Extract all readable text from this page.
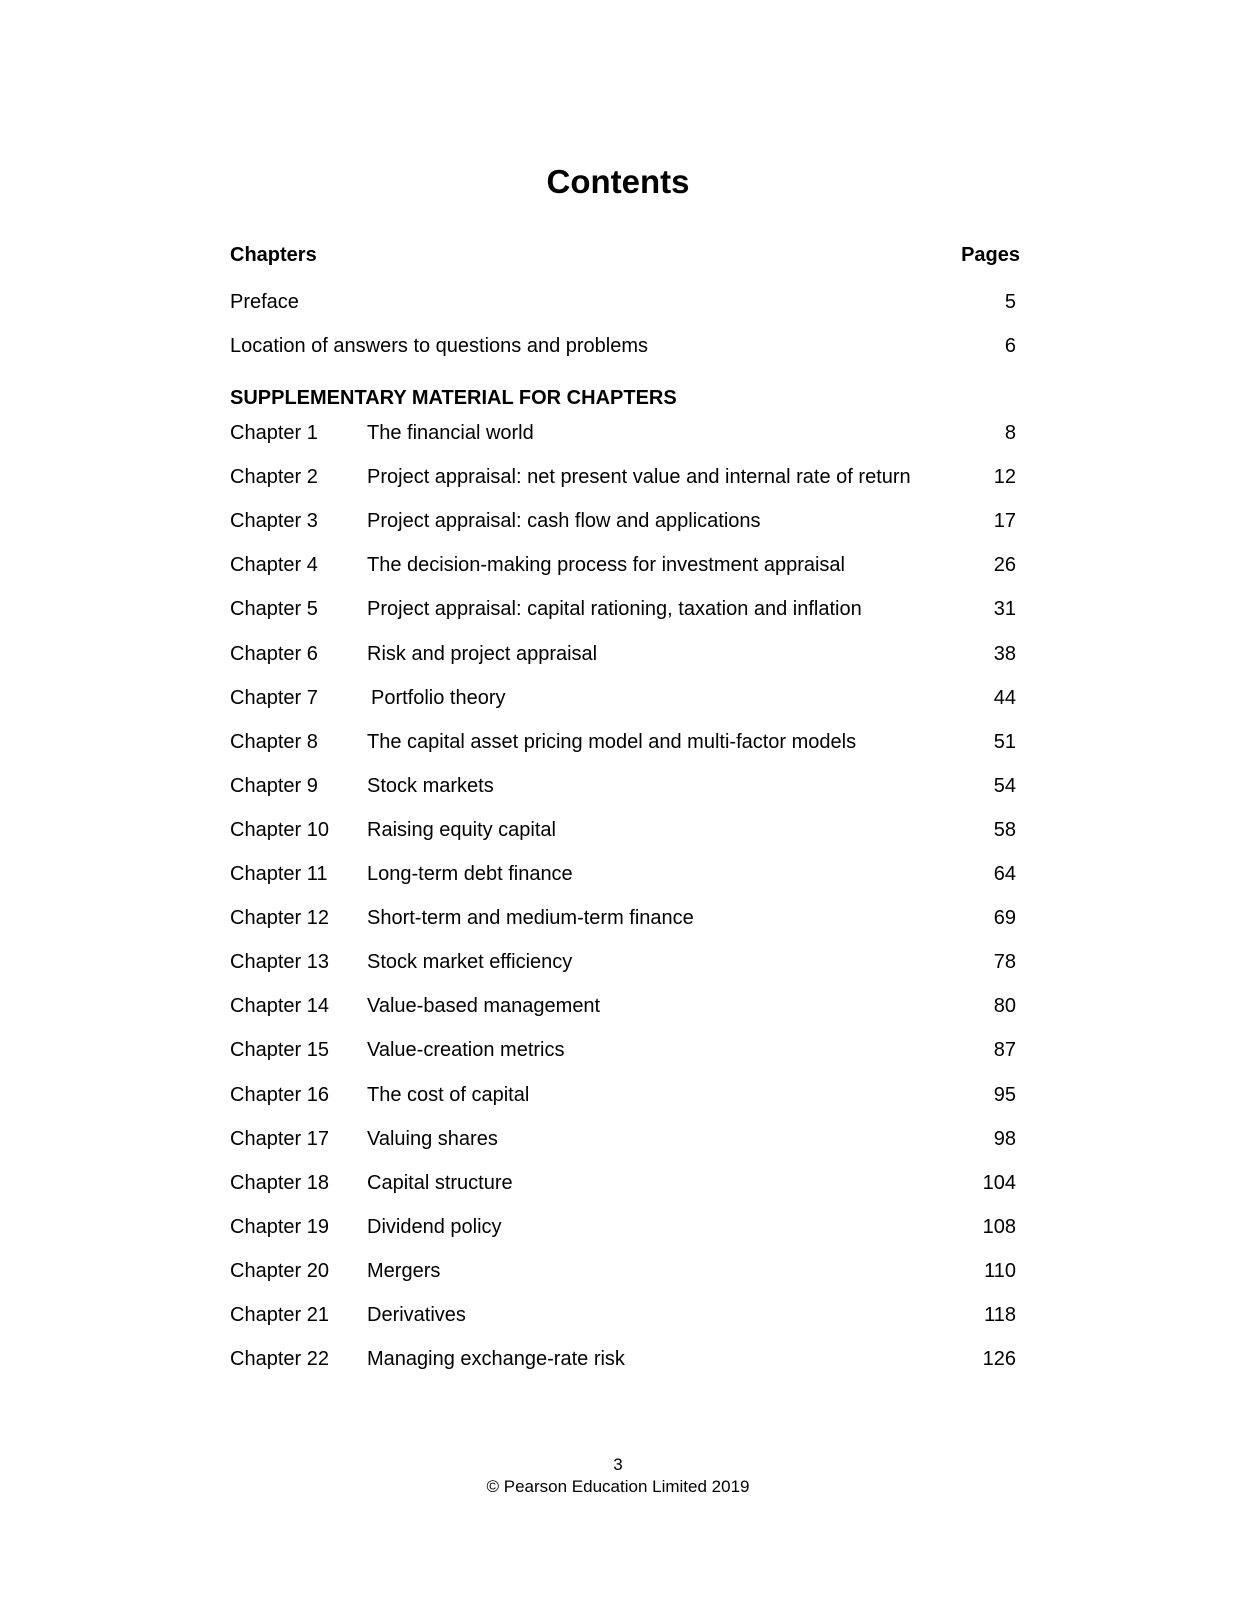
Contents
Chapters	Pages
Preface	5
Location of answers to questions and problems	6
SUPPLEMENTARY MATERIAL FOR CHAPTERS
Chapter 1 The financial world	8
Chapter 2 Project appraisal: net present value and internal rate of return	12
Chapter 3 Project appraisal: cash flow and applications	17
Chapter 4 The decision-making process for investment appraisal	26
Chapter 5 Project appraisal: capital rationing, taxation and inflation	31
Chapter 6 Risk and project appraisal	38
Chapter 7	Portfolio theory	44
Chapter 8 The capital asset pricing model and multi-factor models	51
Chapter 9 Stock markets	54
Chapter 10 Raising equity capital	58
Chapter 11 Long-term debt finance	64
Chapter 12 Short-term and medium-term finance	69
Chapter 13 Stock market efficiency	78
Chapter 14 Value-based management	80
Chapter 15 Value-creation metrics	87
Chapter 16 The cost of capital	95
Chapter 17 Valuing shares	98
Chapter 18 Capital structure	104
Chapter 19 Dividend policy	108
Chapter 20 Mergers	110
Chapter 21 Derivatives	118
Chapter 22 Managing exchange-rate risk	126
3
© Pearson Education Limited 2019
